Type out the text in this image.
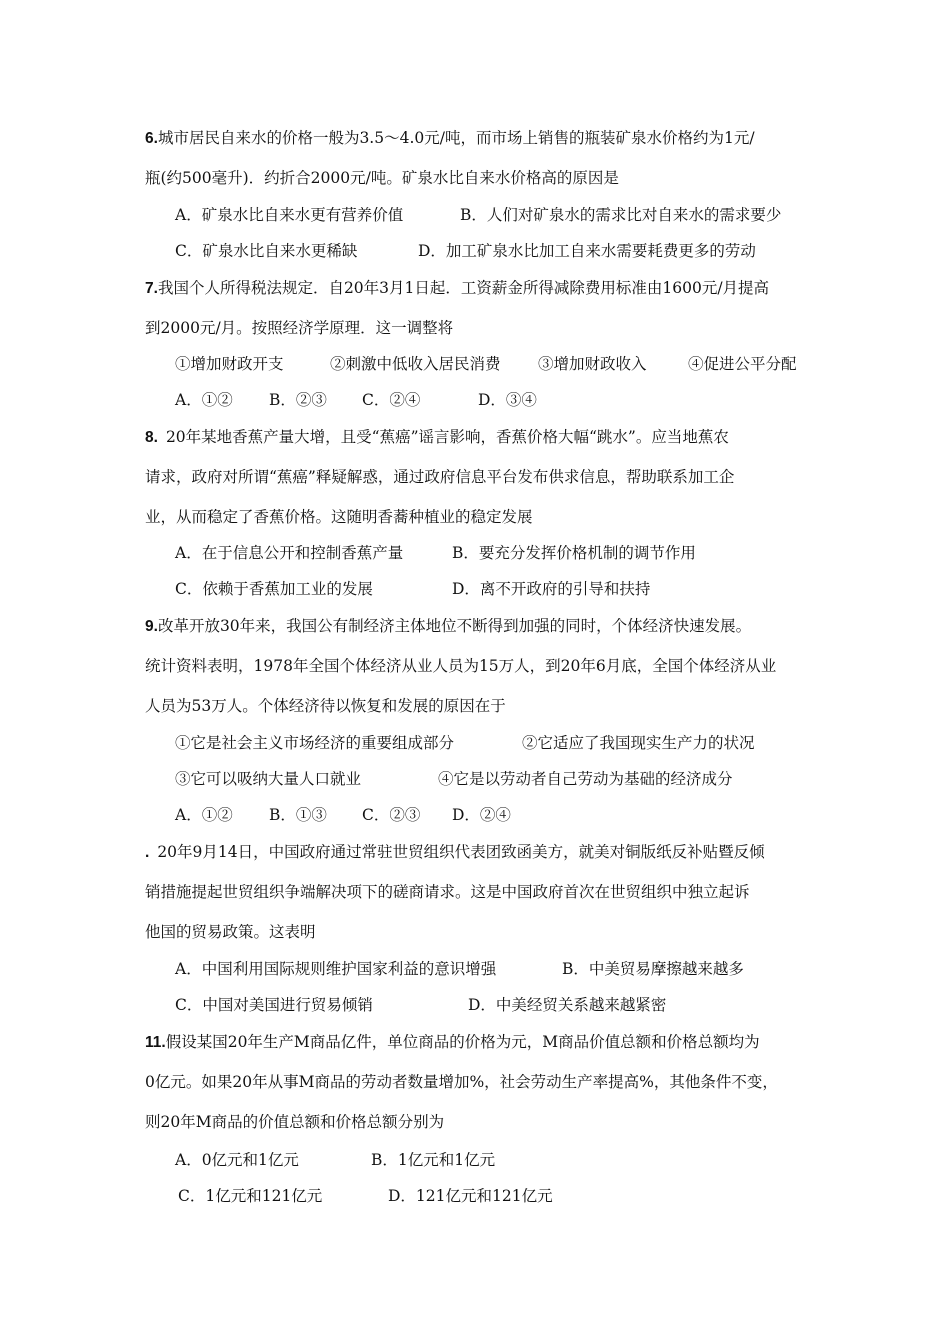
6.城市居民自来水的价格一般为3.5～4.0元/吨，而市场上销售的瓶装矿泉水价格约为1元/
瓶(约500毫升)．约折合2000元/吨。矿泉水比自来水价格高的原因是
A．矿泉水比自来水更有营养价值	B．人们对矿泉水的需求比对自来水的需求要少
C．矿泉水比自来水更稀缺	D．加工矿泉水比加工自来水需要耗费更多的劳动
7.我国个人所得税法规定．自20年3月1日起．工资薪金所得减除费用标准由1600元/月提高
到2000元/月。按照经济学原理．这一调整将
①增加财政开支	②刺激中低收入居民消费 ③增加财政收入	④促进公平分配
A．①② B．②③ C．②④	D．③④
8. 20年某地香蕉产量大增，且受“蕉癌”谣言影响，香蕉价格大幅“跳水”。应当地蕉农
请求，政府对所谓“蕉癌”释疑解惑，通过政府信息平台发布供求信息，帮助联系加工企
业，从而稳定了香蕉价格。这随明香蕎种植业的稳定发展
A．在于信息公开和控制香蕉产量	B．要充分发挥价格机制的调节作用
C．依赖于香蕉加工业的发展	D．离不开政府的引导和扶持
9.改革开放30年来，我国公有制经济主体地位不断得到加强的同时，个体经济快速发展。
统计资料表明，1978年全国个体经济从业人员为15万人，到20年6月底，全国个体经济从业
人员为53万人。个体经济待以恢复和发展的原因在于
①它是社会主义市场经济的重要组成部分	②它适应了我国现实生产力的状况
③它可以吸纳大量人口就业	④它是以劳动者自己劳动为基础的经济成分
A．①② B．①③ C．②③ D．②④
. 20年9月14日，中国政府通过常驻世贸组织代表团致函美方，就美对铜版纸反补贴暨反倾
销措施提起世贸组织争端解决项下的磋商请求。这是中国政府首次在世贸组织中独立起诉
他国的贸易政策。这表明
A．中国利用国际规则维护国家利益的意识增强	B．中美贸易摩擦越来越多
C．中国对美国进行贸易倾销	D．中美经贸关系越来越紧密
11.假设某国20年生产M商品亿件，单位商品的价格为元，M商品价值总额和价格总额均为
0亿元。如果20年从事M商品的劳动者数量增加%，社会劳动生产率提高%，其他条件不变，
则20年M商品的价值总额和价格总额分别为
A．0亿元和1亿元	B．1亿元和1亿元
C．1亿元和121亿元	D．121亿元和121亿元
